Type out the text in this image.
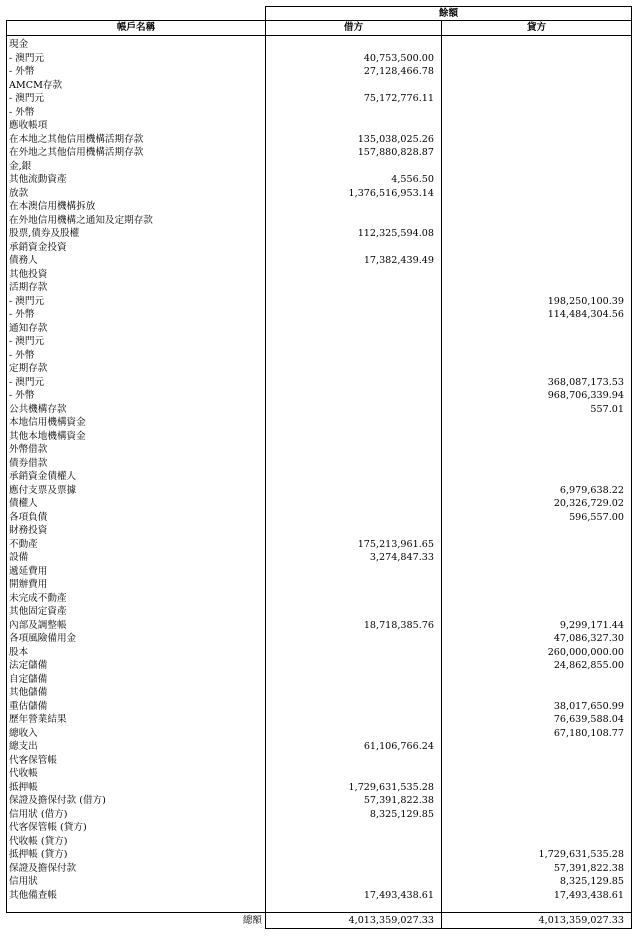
	餘額	
帳戶名稱	借方	貸方
現金		
- 澳門元	40,753,500.00	
- 外幣	27,128,466.78	
AMCM存款		
- 澳門元	75,172,776.11	
- 外幣		
應收帳項		
在本地之其他信用機構活期存款	135,038,025.26	
在外地之其他信用機構活期存款	157,880,828.87	
金,銀		
其他流動資產	4,556.50	
放款	1,376,516,953.14	
在本澳信用機構拆放		
在外地信用機構之通知及定期存款		
股票,債券及股權	112,325,594.08	
承銷資金投資		
債務人	17,382,439.49	
其他投資		
活期存款		
- 澳門元		198,250,100.39
- 外幣		114,484,304.56
通知存款		
- 澳門元		
- 外幣		
定期存款		
- 澳門元		368,087,173.53
- 外幣		968,706,339.94
公共機構存款		557.01
本地信用機構資金		
其他本地機構資金		
外幣借款		
債券借款		
承銷資金債權人		
應付支票及票據		6,979,638.22
債權人		20,326,729.02
各項負債		596,557.00
財務投資		
不動產	175,213,961.65	
設備	3,274,847.33	
遞延費用		
開辦費用		
未完成不動產		
其他固定資產		
內部及調整帳	18,718,385.76	9,299,171.44
各項風險備用金		47,086,327.30
股本		260,000,000.00
法定儲備		24,862,855.00
自定儲備		
其他儲備		
重估儲備		38,017,650.99
歷年營業結果		76,639,588.04
總收入		67,180,108.77
總支出	61,106,766.24	
代客保管帳		
代收帳		
抵押帳	1,729,631,535.28	
保證及擔保付款 (借方)	57,391,822.38	
信用狀 (借方)	8,325,129.85	
代客保管帳 (貸方)		
代收帳 (貸方)		
抵押帳 (貸方)		1,729,631,535.28
保證及擔保付款		57,391,822.38
信用狀		8,325,129.85
其他備查帳	17,493,438.61	17,493,438.61

總額	4,013,359,027.33	4,013,359,027.33
